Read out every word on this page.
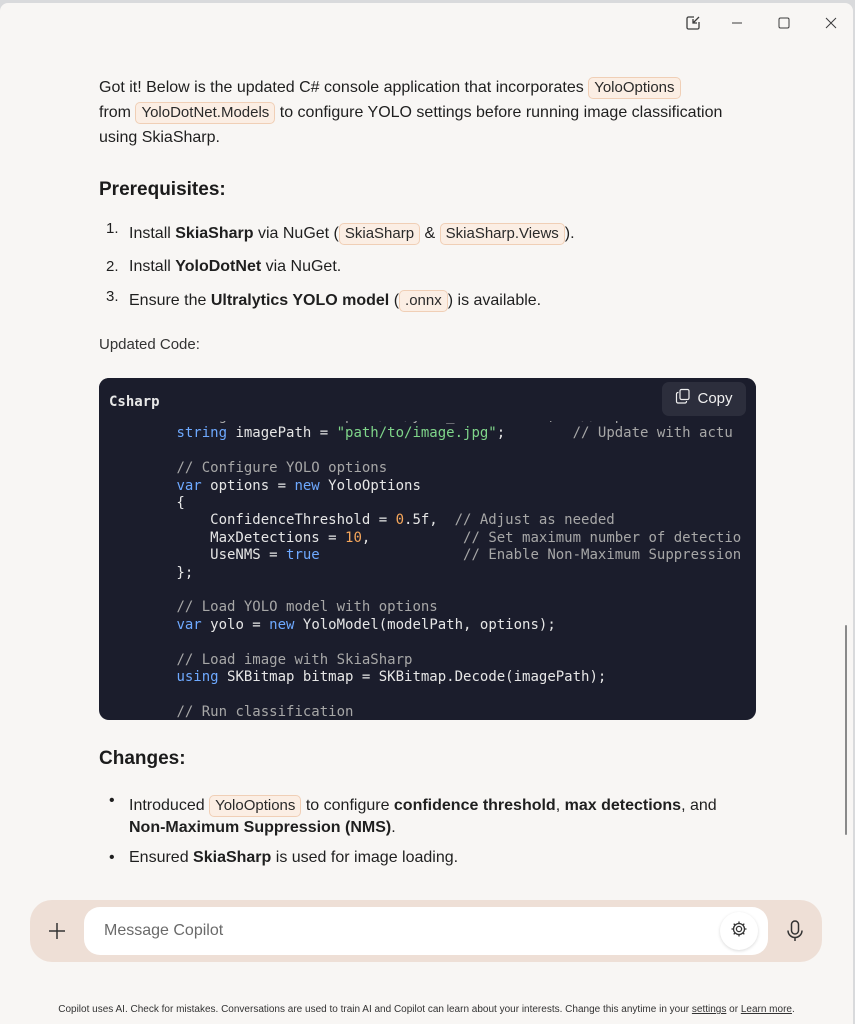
Got it! Below is the updated C# console application that incorporates YoloOptions
from YoloDotNet.Models to configure YOLO settings before running image classification using SkiaSharp.

Prerequisites:
1. Install SkiaSharp via NuGet ( SkiaSharp & SkiaSharp.Views ).
2. Install YoloDotNet via NuGet.
3. Ensure the Ultralytics YOLO model ( .onnx ) is available.
Updated Code:
Csharp	Copy

string imagePath = "path/to/image.jpg";        // Update with actu

// Configure YOLO options
var options = new YoloOptions
{
ConfidenceThreshold = 0.5f,  // Adjust as needed
MaxDetections = 10,           // Set maximum number of detectio
UseNMS = true	// Enable Non-Maximum Suppression
};

// Load YOLO model with options
var yolo = new YoloModel(modelPath, options);

// Load image with SkiaSharp
using SKBitmap bitmap = SKBitmap.Decode(imagePath);

// Run classification
Changes:
• Introduced YoloOptions to configure confidence threshold, max detections, and Non-Maximum Suppression (NMS).
• Ensured SkiaSharp is used for image loading.
Message Copilot
Copilot uses AI. Check for mistakes. Conversations are used to train AI and Copilot can learn about your interests. Change this anytime in your settings or Learn more.
